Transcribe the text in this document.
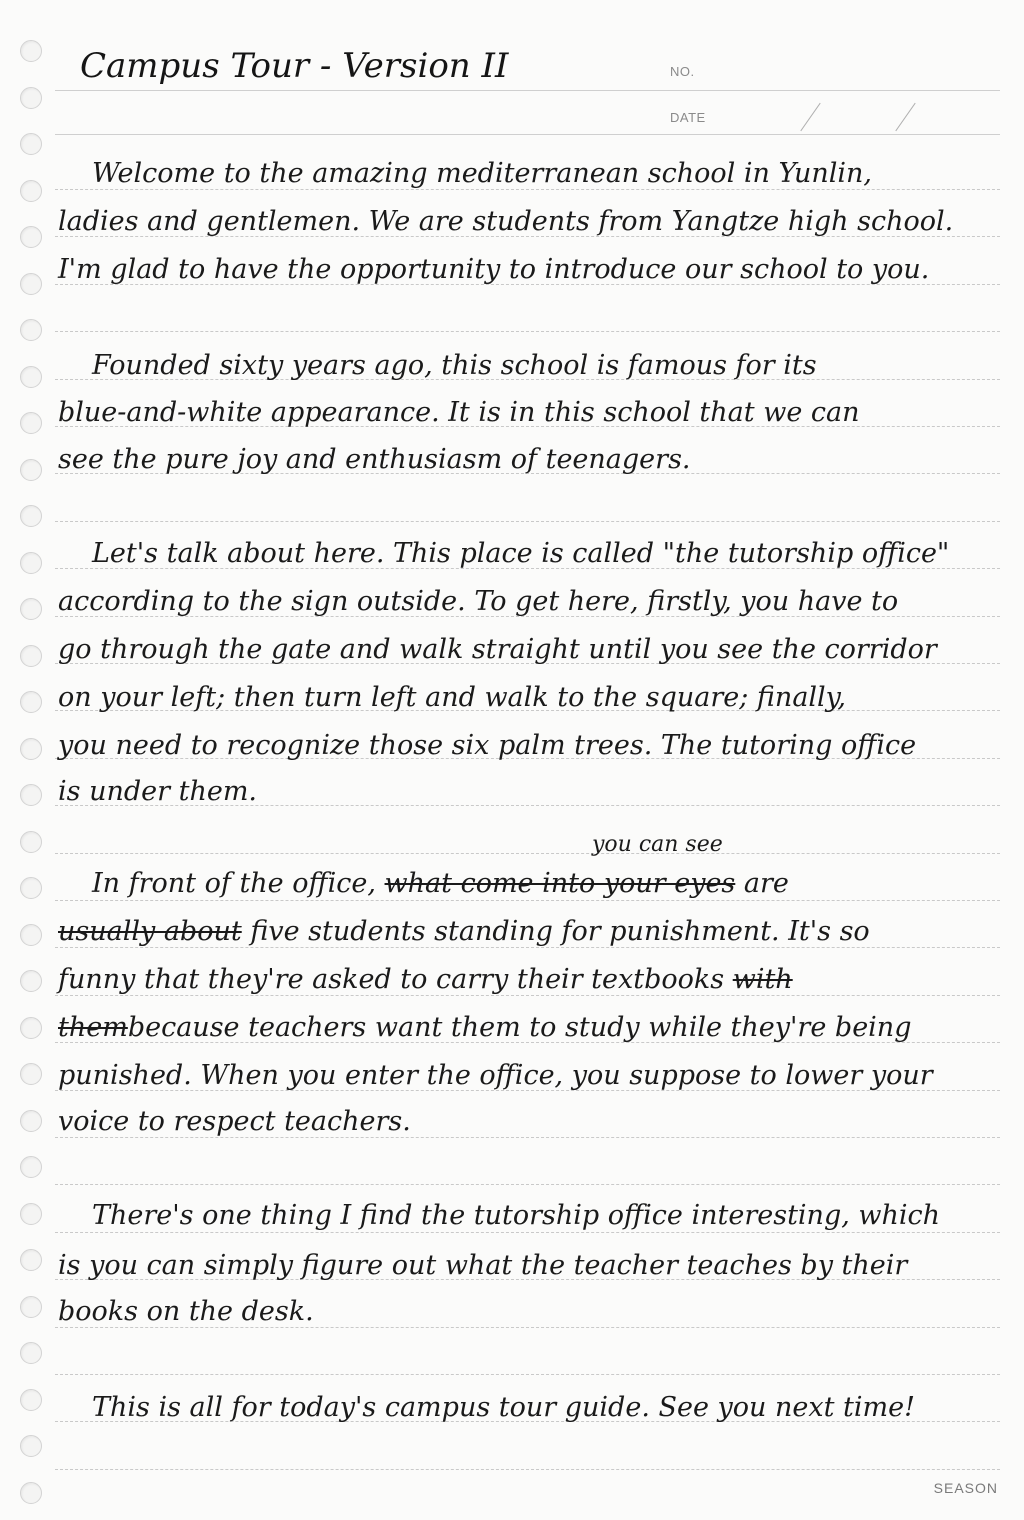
Campus Tour - Version II	NO.
DATE
Welcome to the amazing mediterranean school in Yunlin,
ladies and gentlemen. We are students from Yangtze high school.
I'm glad to have the opportunity to introduce our school to you.
Founded sixty years ago, this school is famous for its
blue-and-white appearance. It is in this school that we can
see the pure joy and enthusiasm of teenagers.
Let's talk about here. This place is called "the tutorship office"
according to the sign outside. To get here, firstly, you have to
go through the gate and walk straight until you see the corridor
on your left; then turn left and walk to the square; finally,
you need to recognize those six palm trees. The tutoring office
is under them.
you can see
In front of the office, what come into your eyes are
usually about five students standing for punishment. It's so
funny that they're asked to carry their textbooks with
thembecause teachers want them to study while they're being
punished. When you enter the office, you suppose to lower your
voice to respect teachers.
There's one thing I find the tutorship office interesting, which
is you can simply figure out what the teacher teaches by their
books on the desk.
This is all for today's campus tour guide. See you next time!
SEASON
